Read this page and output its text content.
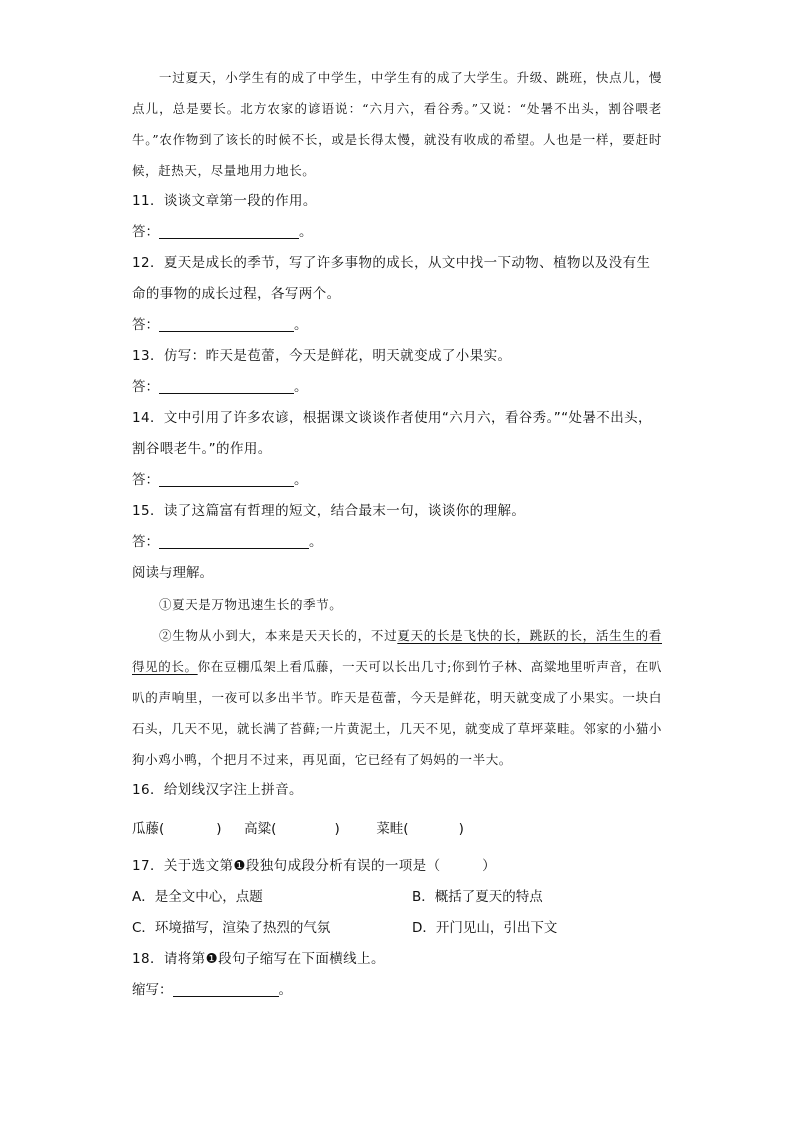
一过夏天，小学生有的成了中学生，中学生有的成了大学生。升级、跳班，快点儿，慢点儿，总是要长。北方农家的谚语说：“六月六，看谷秀。”又说：“处暑不出头，割谷喂老牛。”农作物到了该长的时候不长，或是长得太慢，就没有收成的希望。人也是一样，要赶时候，赶热天，尽量地用力地长。

11．谈谈文章第一段的作用。

答：	。

12．夏天是成长的季节，写了许多事物的成长，从文中找一下动物、植物以及没有生命的事物的成长过程，各写两个。

答：	。

13．仿写：昨天是苞蕾，今天是鲜花，明天就变成了小果实。

答：	。

14．文中引用了许多农谚，根据课文谈谈作者使用“六月六，看谷秀。”“处暑不出头，割谷喂老牛。”的作用。

答：	。

15．读了这篇富有哲理的短文，结合最末一句，谈谈你的理解。

答：	。

阅读与理解。

①夏天是万物迅速生长的季节。

②生物从小到大，本来是天天长的，不过夏天的长是飞快的长，跳跃的长，活生生的看得见的长。你在豆棚瓜架上看瓜藤，一天可以长出几寸;你到竹子林、高粱地里听声音，在叭叭的声响里，一夜可以多出半节。昨天是苞蕾，今天是鲜花，明天就变成了小果实。一块白石头，几天不见，就长满了苔藓;一片黄泥土，几天不见，就变成了草坪菜畦。邻家的小猫小狗小鸡小鸭，个把月不过来，再见面，它已经有了妈妈的一半大。

16．给划线汉字注上拼音。

瓜藤(	) 高粱(	)	菜畦(	)

17．关于选文第❶段独句成段分析有误的一项是（　　　）

A．是全文中心，点题	B．概括了夏天的特点
C．环境描写，渲染了热烈的气氛	D．开门见山，引出下文

18．请将第❶段句子缩写在下面横线上。

缩写：	。
